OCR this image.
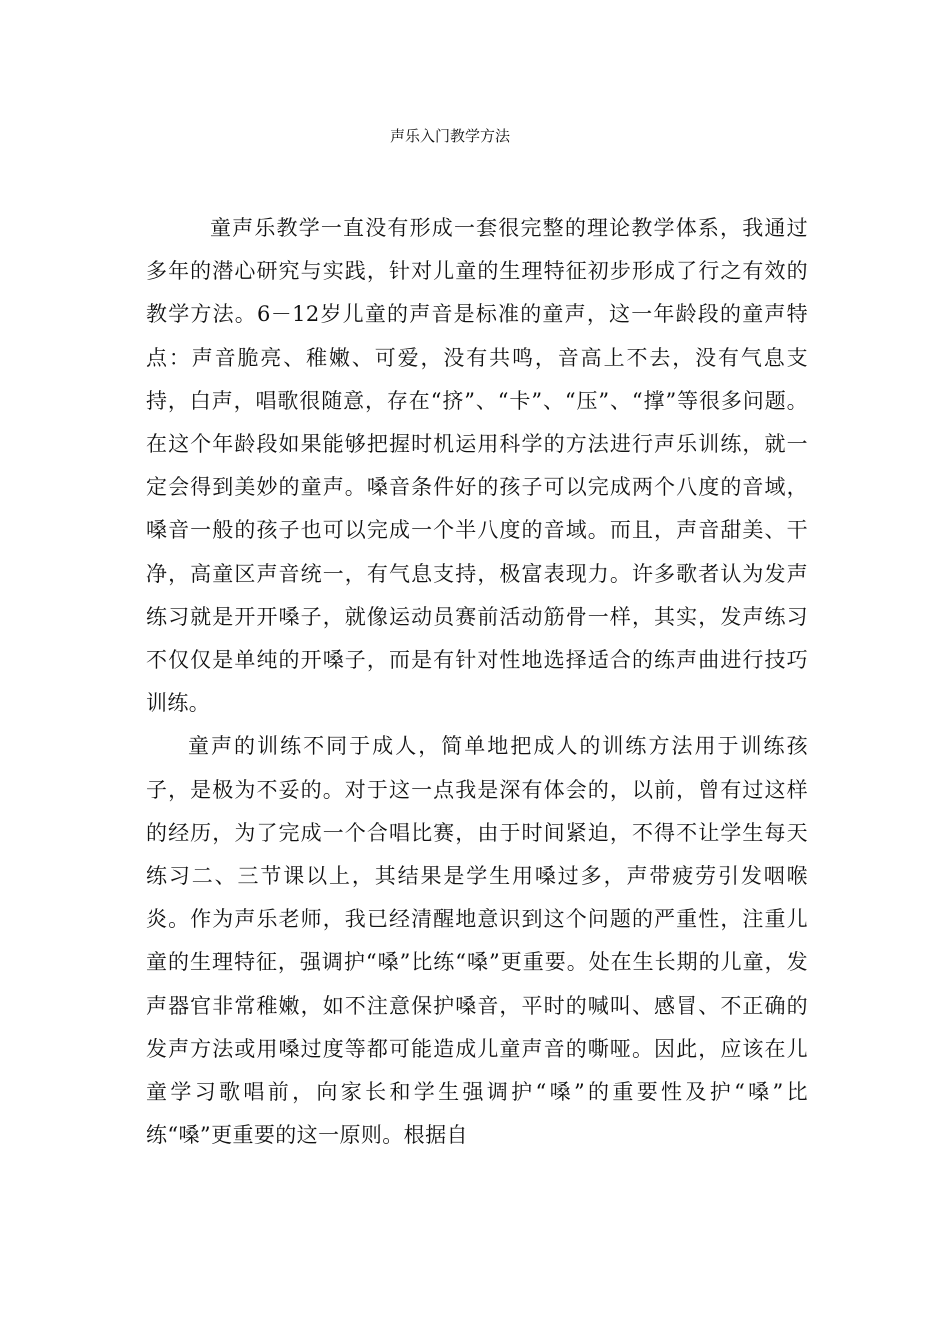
声乐入门教学方法

童声乐教学一直没有形成一套很完整的理论教学体系，我通过多年的潜心研究与实践，针对儿童的生理特征初步形成了行之有效的教学方法。6－12岁儿童的声音是标准的童声，这一年龄段的童声特点：声音脆亮、稚嫩、可爱，没有共鸣，音高上不去，没有气息支持，白声，唱歌很随意，存在“挤”、“卡”、“压”、“撑”等很多问题。在这个年龄段如果能够把握时机运用科学的方法进行声乐训练，就一定会得到美妙的童声。嗓音条件好的孩子可以完成两个八度的音域，嗓音一般的孩子也可以完成一个半八度的音域。而且，声音甜美、干净，高童区声音统一，有气息支持，极富表现力。许多歌者认为发声练习就是开开嗓子，就像运动员赛前活动筋骨一样，其实，发声练习不仅仅是单纯的开嗓子，而是有针对性地选择适合的练声曲进行技巧训练。

童声的训练不同于成人，简单地把成人的训练方法用于训练孩子，是极为不妥的。对于这一点我是深有体会的，以前，曾有过这样的经历，为了完成一个合唱比赛，由于时间紧迫，不得不让学生每天练习二、三节课以上，其结果是学生用嗓过多，声带疲劳引发咽喉炎。作为声乐老师，我已经清醒地意识到这个问题的严重性，注重儿童的生理特征，强调护“嗓”比练“嗓”更重要。处在生长期的儿童，发声器官非常稚嫩，如不注意保护嗓音，平时的喊叫、感冒、不正确的发声方法或用嗓过度等都可能造成儿童声音的嘶哑。因此，应该在儿童学习歌唱前，向家长和学生强调护“嗓”的重要性及护“嗓”比练“嗓”更重要的这一原则。根据自
